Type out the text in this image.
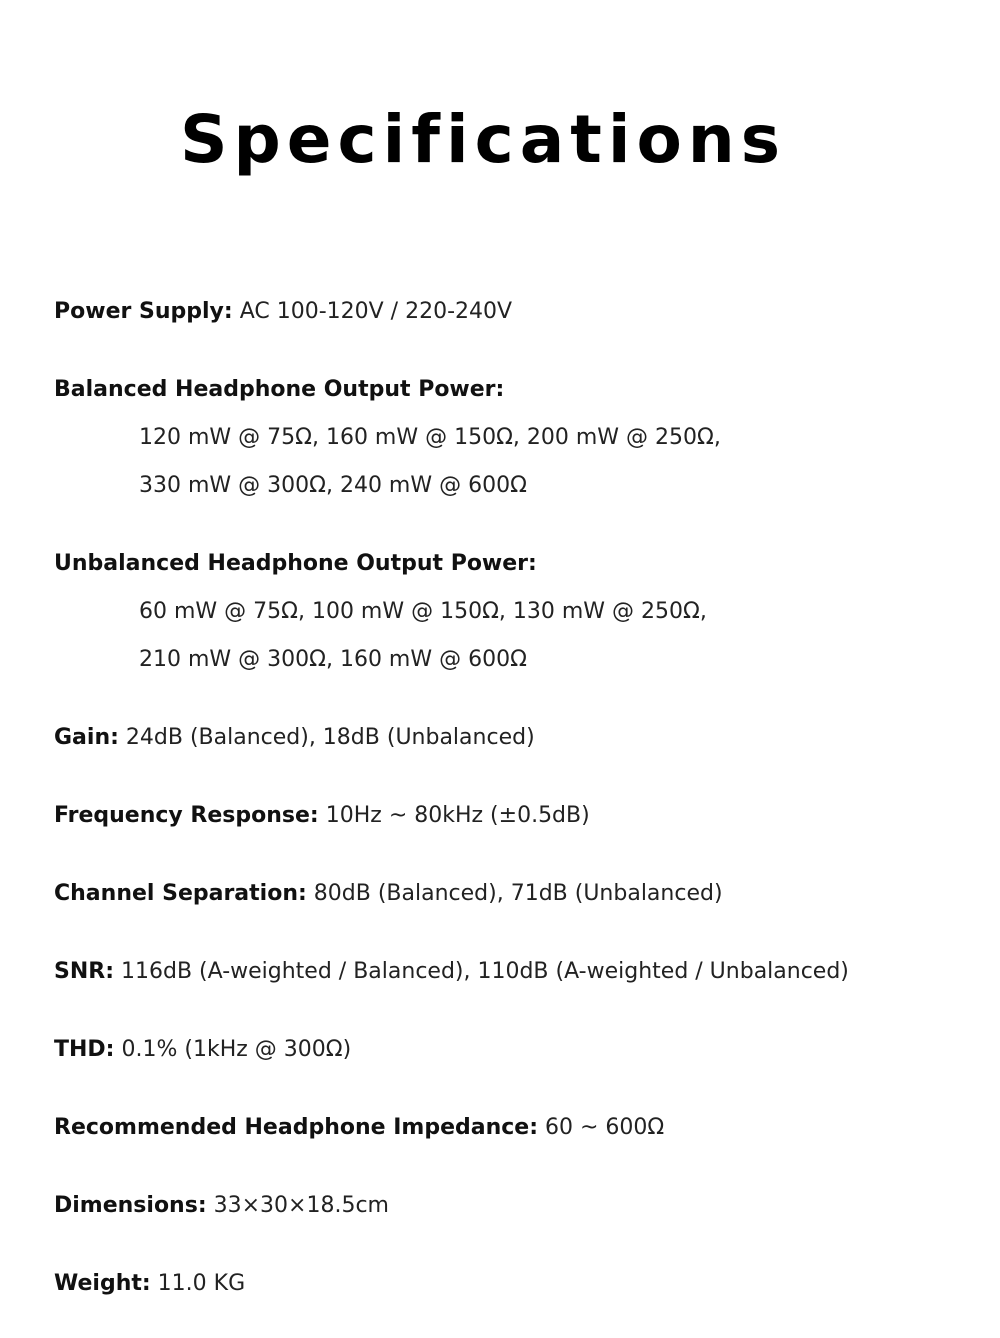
Specifications
Power Supply: AC 100-120V / 220-240V
Balanced Headphone Output Power:
120 mW @ 75Ω, 160 mW @ 150Ω, 200 mW @ 250Ω,
330 mW @ 300Ω, 240 mW @ 600Ω
Unbalanced Headphone Output Power:
60 mW @ 75Ω, 100 mW @ 150Ω, 130 mW @ 250Ω,
210 mW @ 300Ω, 160 mW @ 600Ω
Gain: 24dB (Balanced), 18dB (Unbalanced)
Frequency Response: 10Hz ~ 80kHz (±0.5dB)
Channel Separation: 80dB (Balanced), 71dB (Unbalanced)
SNR: 116dB (A-weighted / Balanced), 110dB (A-weighted / Unbalanced)
THD: 0.1% (1kHz @ 300Ω)
Recommended Headphone Impedance: 60 ~ 600Ω
Dimensions: 33×30×18.5cm
Weight: 11.0 KG
